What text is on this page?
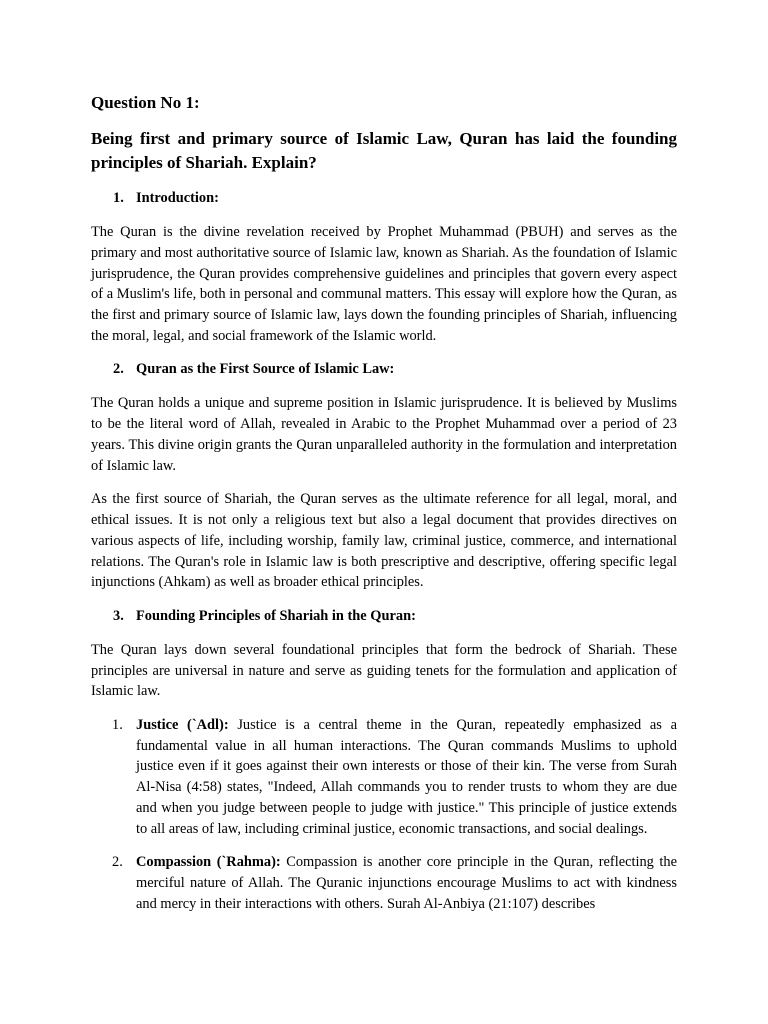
Question No 1:
Being first and primary source of Islamic Law, Quran has laid the founding principles of Shariah. Explain?
1. Introduction:

The Quran is the divine revelation received by Prophet Muhammad (PBUH) and serves as the primary and most authoritative source of Islamic law, known as Shariah. As the foundation of Islamic jurisprudence, the Quran provides comprehensive guidelines and principles that govern every aspect of a Muslim's life, both in personal and communal matters. This essay will explore how the Quran, as the first and primary source of Islamic law, lays down the founding principles of Shariah, influencing the moral, legal, and social framework of the Islamic world.

2. Quran as the First Source of Islamic Law:

The Quran holds a unique and supreme position in Islamic jurisprudence. It is believed by Muslims to be the literal word of Allah, revealed in Arabic to the Prophet Muhammad over a period of 23 years. This divine origin grants the Quran unparalleled authority in the formulation and interpretation of Islamic law.

As the first source of Shariah, the Quran serves as the ultimate reference for all legal, moral, and ethical issues. It is not only a religious text but also a legal document that provides directives on various aspects of life, including worship, family law, criminal justice, commerce, and international relations. The Quran's role in Islamic law is both prescriptive and descriptive, offering specific legal injunctions (Ahkam) as well as broader ethical principles.

3. Founding Principles of Shariah in the Quran:

The Quran lays down several foundational principles that form the bedrock of Shariah. These principles are universal in nature and serve as guiding tenets for the formulation and application of Islamic law.

1. Justice (`Adl): Justice is a central theme in the Quran, repeatedly emphasized as a fundamental value in all human interactions. The Quran commands Muslims to uphold justice even if it goes against their own interests or those of their kin. The verse from Surah Al-Nisa (4:58) states, "Indeed, Allah commands you to render trusts to whom they are due and when you judge between people to judge with justice." This principle of justice extends to all areas of law, including criminal justice, economic transactions, and social dealings.
2. Compassion (`Rahma): Compassion is another core principle in the Quran, reflecting the merciful nature of Allah. The Quranic injunctions encourage Muslims to act with kindness and mercy in their interactions with others. Surah Al-Anbiya (21:107) describes
